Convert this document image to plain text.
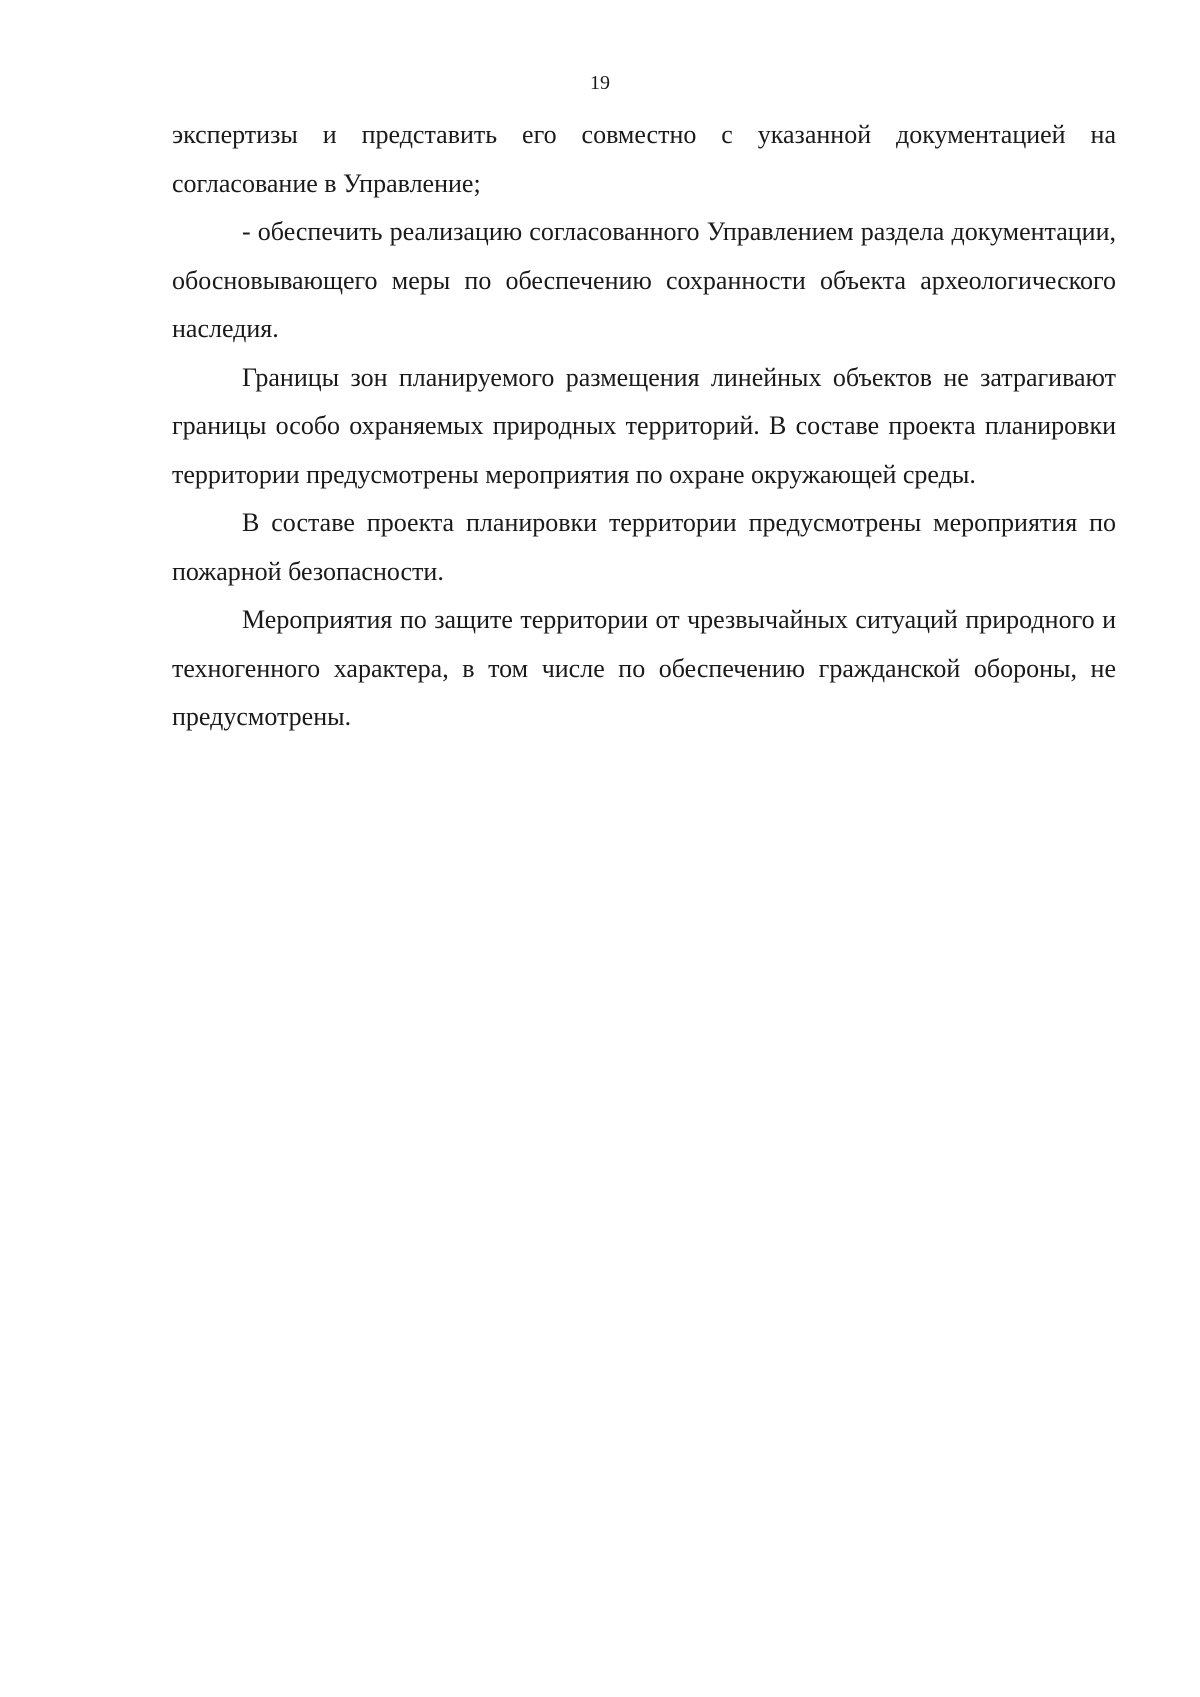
19

экспертизы и представить его совместно с указанной документацией на согласование в Управление;

- обеспечить реализацию согласованного Управлением раздела документации, обосновывающего меры по обеспечению сохранности объекта археологического наследия.

Границы зон планируемого размещения линейных объектов не затрагивают границы особо охраняемых природных территорий. В составе проекта планировки территории предусмотрены мероприятия по охране окружающей среды.

В составе проекта планировки территории предусмотрены мероприятия по пожарной безопасности.

Мероприятия по защите территории от чрезвычайных ситуаций природного и техногенного характера, в том числе по обеспечению гражданской обороны, не предусмотрены.
